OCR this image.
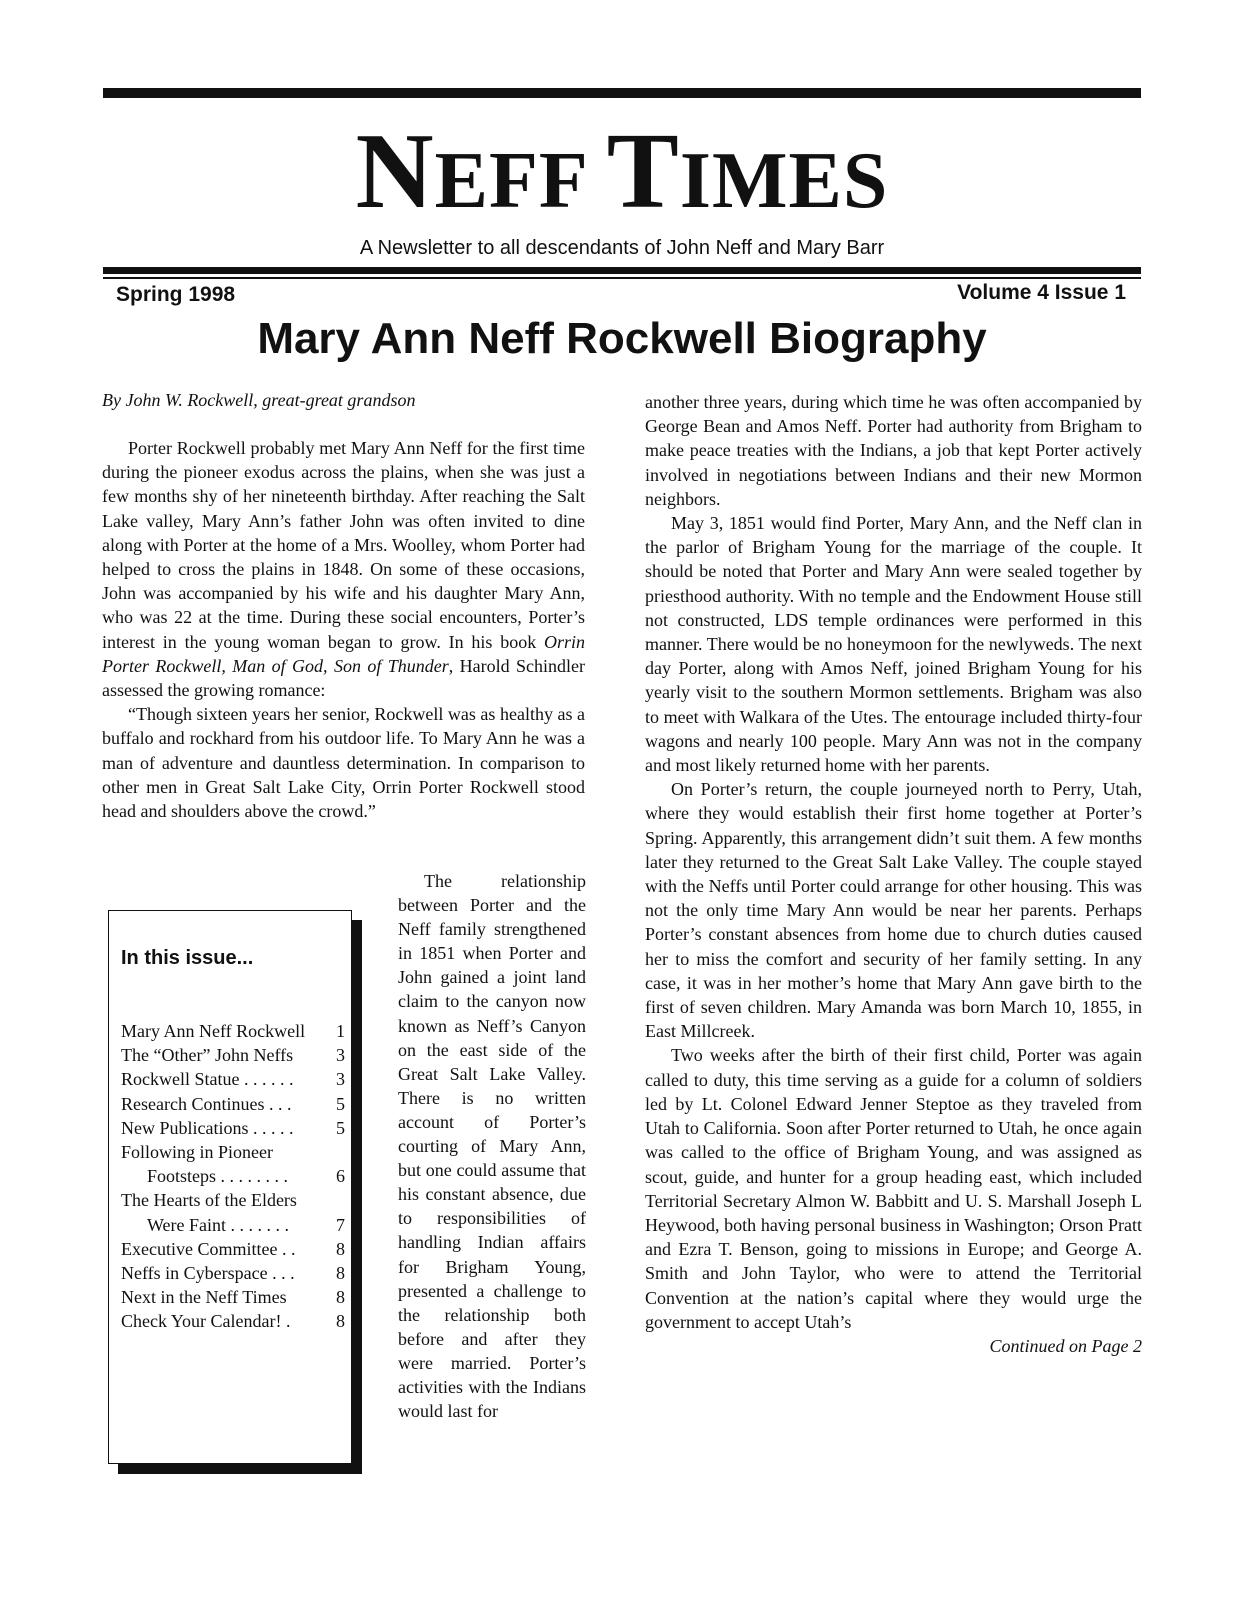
NEFF TIMES
A Newsletter to all descendants of John Neff and Mary Barr
Spring 1998	Volume 4 Issue 1
Mary Ann Neff Rockwell Biography
By John W. Rockwell, great-great grandson

Porter Rockwell probably met Mary Ann Neff for the first time during the pioneer exodus across the plains, when she was just a few months shy of her nineteenth birthday. After reaching the Salt Lake valley, Mary Ann’s father John was often invited to dine along with Porter at the home of a Mrs. Woolley, whom Porter had helped to cross the plains in 1848. On some of these occasions, John was accompanied by his wife and his daughter Mary Ann, who was 22 at the time. During these social encounters, Porter’s interest in the young woman began to grow. In his book Orrin Porter Rockwell, Man of God, Son of Thunder, Harold Schindler assessed the growing romance:

“Though sixteen years her senior, Rockwell was as healthy as a buffalo and rockhard from his outdoor life. To Mary Ann he was a man of adventure and dauntless determination. In comparison to other men in Great Salt Lake City, Orrin Porter Rockwell stood head and shoulders above the crowd.”

The relationship between Porter and the Neff family strengthened in 1851 when Porter and John gained a joint land claim to the canyon now known as Neff’s Canyon on the east side of the Great Salt Lake Valley. There is no written account of Porter’s courting of Mary Ann, but one could assume that his constant absence, due to responsibilities of handling Indian affairs for Brigham Young, presented a challenge to the relationship both before and after they were married. Porter’s activities with the Indians would last for

another three years, during which time he was often accompanied by George Bean and Amos Neff. Porter had authority from Brigham to make peace treaties with the Indians, a job that kept Porter actively involved in negotiations between Indians and their new Mormon neighbors.

May 3, 1851 would find Porter, Mary Ann, and the Neff clan in the parlor of Brigham Young for the marriage of the couple. It should be noted that Porter and Mary Ann were sealed together by priesthood authority. With no temple and the Endowment House still not constructed, LDS temple ordinances were performed in this manner. There would be no honeymoon for the newlyweds. The next day Porter, along with Amos Neff, joined Brigham Young for his yearly visit to the southern Mormon settlements. Brigham was also to meet with Walkara of the Utes. The entourage included thirty-four wagons and nearly 100 people. Mary Ann was not in the company and most likely returned home with her parents.

On Porter’s return, the couple journeyed north to Perry, Utah, where they would establish their first home together at Porter’s Spring. Apparently, this arrangement didn’t suit them. A few months later they returned to the Great Salt Lake Valley. The couple stayed with the Neffs until Porter could arrange for other housing. This was not the only time Mary Ann would be near her parents. Perhaps Porter’s constant absences from home due to church duties caused her to miss the comfort and security of her family setting. In any case, it was in her mother’s home that Mary Ann gave birth to the first of seven children. Mary Amanda was born March 10, 1855, in East Millcreek.

Two weeks after the birth of their first child, Porter was again called to duty, this time serving as a guide for a column of soldiers led by Lt. Colonel Edward Jenner Steptoe as they traveled from Utah to California. Soon after Porter returned to Utah, he once again was called to the office of Brigham Young, and was assigned as scout, guide, and hunter for a group heading east, which included Territorial Secretary Almon W. Babbitt and U. S. Marshall Joseph L Heywood, both having personal business in Washington; Orson Pratt and Ezra T. Benson, going to missions in Europe; and George A. Smith and John Taylor, who were to attend the Territorial Convention at the nation’s capital where they would urge the government to accept Utah’s

Continued on Page 2
In this issue...
Mary Ann Neff Rockwell 1
The “Other” John Neffs 3
Rockwell Statue . . . . . . 3
Research Continues . . . 5
New Publications . . . . . 5
Following in Pioneer
Footsteps . . . . . . . .	6
The Hearts of the Elders
Were Faint . . . . . . .	7
Executive Committee . . 8
Neffs in Cyberspace . . . 8
Next in the Neff Times	8
Check Your Calendar! .	8
